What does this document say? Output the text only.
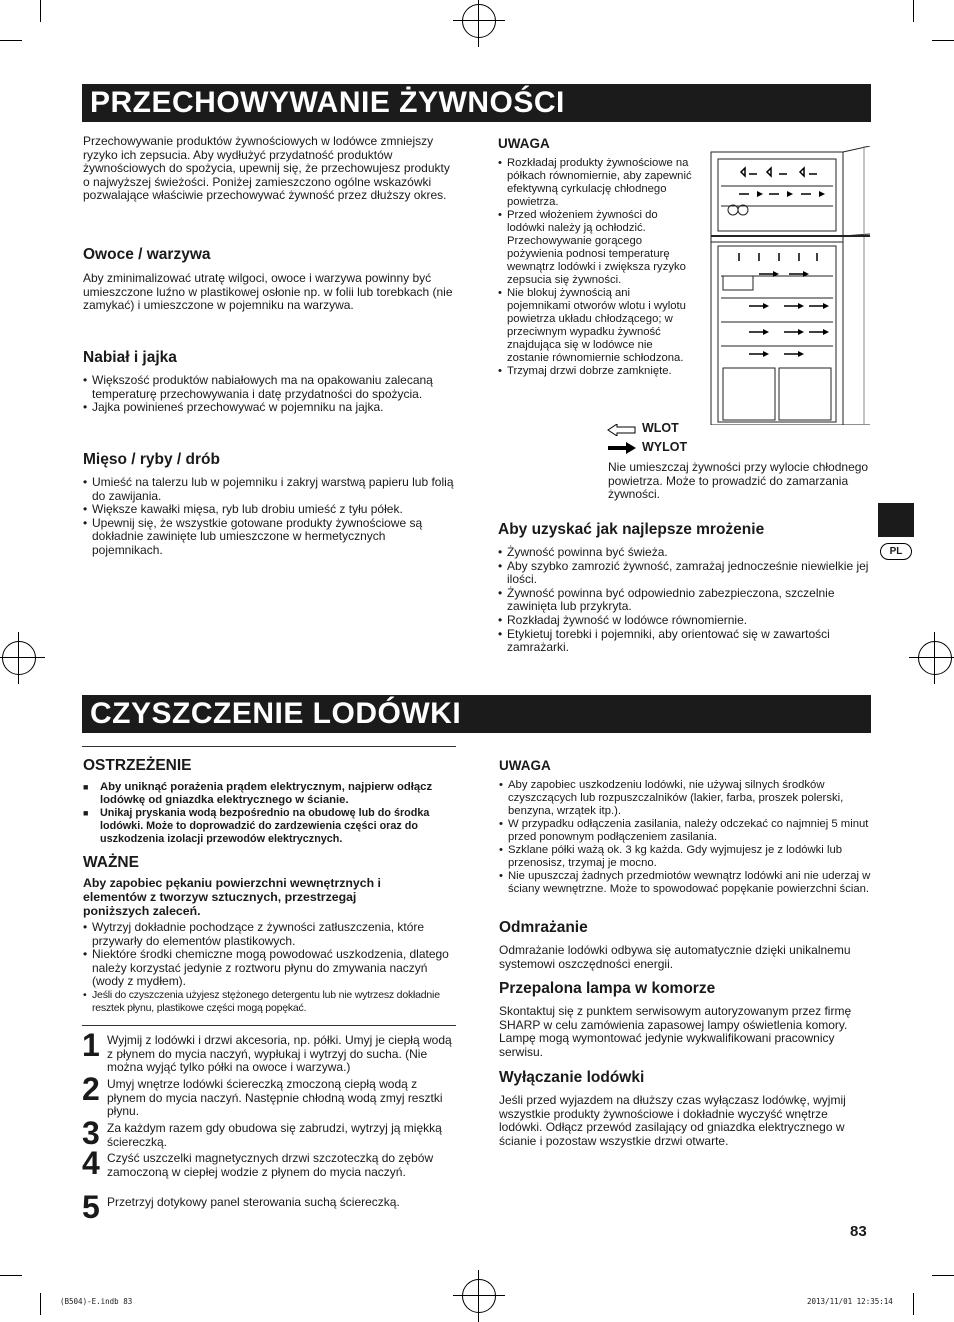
PRZECHOWYWANIE ŻYWNOŚCI

Przechowywanie produktów żywnościowych w lodówce zmniejszy ryzyko ich zepsucia. Aby wydłużyć przydatność produktów żywnościowych do spożycia, upewnij się, że przechowujesz produkty o najwyższej świeżości. Poniżej zamieszczono ogólne wskazówki pozwalające właściwie przechowywać żywność przez dłuższy okres.

Owoce / warzywa

Aby zminimalizować utratę wilgoci, owoce i warzywa powinny być umieszczone luźno w plastikowej osłonie np. w folii lub torebkach (nie zamykać) i umieszczone w pojemniku na warzywa.

Nabiał i jajka
• Większość produktów nabiałowych ma na opakowaniu zalecaną temperaturę przechowywania i datę przydatności do spożycia.
• Jajka powinieneś przechowywać w pojemniku na jajka.
Mięso / ryby / drób
• Umieść na talerzu lub w pojemniku i zakryj warstwą papieru lub folią do zawijania.
• Większe kawałki mięsa, ryb lub drobiu umieść z tyłu półek.
• Upewnij się, że wszystkie gotowane produkty żywnościowe są dokładnie zawinięte lub umieszczone w hermetycznych pojemnikach.
UWAGA
• Rozkładaj produkty żywnościowe na półkach równomiernie, aby zapewnić efektywną cyrkulację chłodnego powietrza.
• Przed włożeniem żywności do lodówki należy ją ochłodzić. Przechowywanie gorącego pożywienia podnosi temperaturę wewnątrz lodówki i zwiększa ryzyko zepsucia się żywności.
• Nie blokuj żywnością ani pojemnikami otworów wlotu i wylotu powietrza układu chłodzącego; w przeciwnym wypadku żywność znajdująca się w lodówce nie zostanie równomiernie schłodzona.
• Trzymaj drzwi dobrze zamknięte.
WLOT
WYLOT

Nie umieszczaj żywności przy wylocie chłodnego powietrza. Może to prowadzić do zamarzania żywności.

Aby uzyskać jak najlepsze mrożenie
• Żywność powinna być świeża.
• Aby szybko zamrozić żywność, zamrażaj jednocześnie niewielkie jej ilości.
• Żywność powinna być odpowiednio zabezpieczona, szczelnie zawinięta lub przykryta.
• Rozkładaj żywność w lodówce równomiernie.
• Etykietuj torebki i pojemniki, aby orientować się w zawartości zamrażarki.
PL
CZYSZCZENIE LODÓWKI
OSTRZEŻENIE
■ Aby uniknąć porażenia prądem elektrycznym, najpierw odłącz lodówkę od gniazdka elektrycznego w ścianie.
■ Unikaj pryskania wodą bezpośrednio na obudowę lub do środka lodówki. Może to doprowadzić do zardzewienia części oraz do uszkodzenia izolacji przewodów elektrycznych.
WAŻNE

Aby zapobiec pękaniu powierzchni wewnętrznych i elementów z tworzyw sztucznych, przestrzegaj poniższych zaleceń.

• Wytrzyj dokładnie pochodzące z żywności zatłuszczenia, które przywarły do elementów plastikowych.
• Niektóre środki chemiczne mogą powodować uszkodzenia, dlatego należy korzystać jedynie z roztworu płynu do zmywania naczyń (wody z mydłem).
• Jeśli do czyszczenia użyjesz stężonego detergentu lub nie wytrzesz dokładnie resztek płynu, plastikowe części mogą popękać.
1 Wyjmij z lodówki i drzwi akcesoria, np. półki. Umyj je ciepłą wodą z płynem do mycia naczyń, wypłukaj i wytrzyj do sucha. (Nie można wyjąć tylko półki na owoce i warzywa.)

2 Umyj wnętrze lodówki ściereczką zmoczoną ciepłą wodą z płynem do mycia naczyń. Następnie chłodną wodą zmyj resztki płynu.

3 Za każdym razem gdy obudowa się zabrudzi, wytrzyj ją miękką ściereczką.

4 Czyść uszczelki magnetycznych drzwi szczoteczką do zębów zamoczoną w ciepłej wodzie z płynem do mycia naczyń.

5 Przetrzyj dotykowy panel sterowania suchą ściereczką.

UWAGA
• Aby zapobiec uszkodzeniu lodówki, nie używaj silnych środków czyszczących lub rozpuszczalników (lakier, farba, proszek polerski, benzyna, wrzątek itp.).
• W przypadku odłączenia zasilania, należy odczekać co najmniej 5 minut przed ponownym podłączeniem zasilania.
• Szklane półki ważą ok. 3 kg każda. Gdy wyjmujesz je z lodówki lub przenosisz, trzymaj je mocno.
• Nie upuszczaj żadnych przedmiotów wewnątrz lodówki ani nie uderzaj w ściany wewnętrzne. Może to spowodować popękanie powierzchni ścian.
Odmrażanie

Odmrażanie lodówki odbywa się automatycznie dzięki unikalnemu systemowi oszczędności energii.

Przepalona lampa w komorze

Skontaktuj się z punktem serwisowym autoryzowanym przez firmę SHARP w celu zamówienia zapasowej lampy oświetlenia komory. Lampę mogą wymontować jedynie wykwalifikowani pracownicy serwisu.

Wyłączanie lodówki

Jeśli przed wyjazdem na dłuższy czas wyłączasz lodówkę, wyjmij wszystkie produkty żywnościowe i dokładnie wyczyść wnętrze lodówki. Odłącz przewód zasilający od gniazdka elektrycznego w ścianie i pozostaw wszystkie drzwi otwarte.

83
(B504)-E.indb 83	2013/11/01 12:35:14
